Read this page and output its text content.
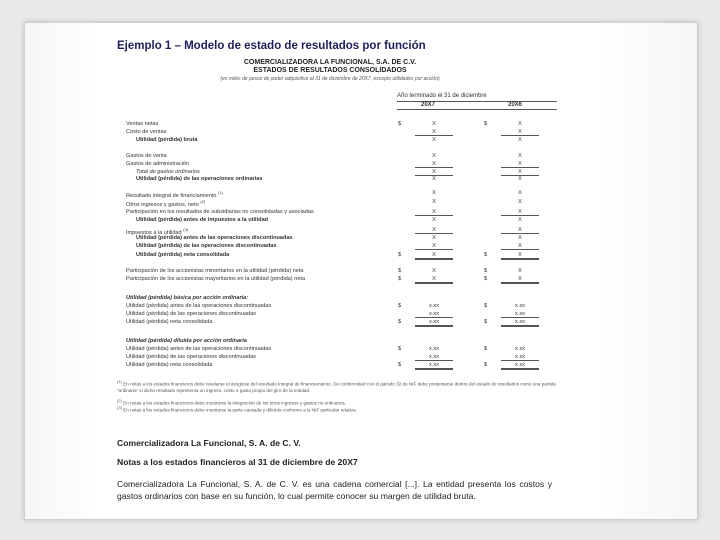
Ejemplo 1 – Modelo de estado de resultados por función
COMERCIALIZADORA LA FUNCIONAL, S.A. DE C.V.
ESTADOS DE RESULTADOS CONSOLIDADOS
(en miles de pesos de poder adquisitivo al 31 de diciembre de 20X7, excepto utilidades por acción)
Año terminado el 31 de diciembre
20X7	20X6
Ventas netas	$	X	$	X
Costo de ventas	X	X
Utilidad (pérdida) bruta	X	X
Gastos de venta	X	X
Gastos de administración	X	X
Total de gastos ordinarios	X	X
Utilidad (pérdida) de las operaciones ordinarias	X	X
Resultado integral de financiamiento $^{(1)}$	X	X
Otros ingresos y gastos, neto $^{(2)}$	X	X
Participación en los resultados de subsidiarias no consolidadas y asociadas	X	X
Utilidad (pérdida) antes de impuestos a la utilidad	X	X
Impuestos a la utilidad $^{(3)}$	X	X
Utilidad (pérdida) antes de las operaciones discontinuadas	X	X
Utilidad (pérdida) de las operaciones discontinuadas	X	X
Utilidad (pérdida) neta consolidada	$	X	$	X
Participación de los accionistas minoritarios en la utilidad (pérdida) neta	$	X	$	X
Participación de los accionistas mayoritarios en la utilidad (pérdida) neta	$	X	$	X
Utilidad (pérdida) básica por acción ordinaria:
Utilidad (pérdida) antes de las operaciones discontinuadas	$	x.xx	$	x.xx
Utilidad (pérdida) de las operaciones discontinuadas	x.xx	x.xx
Utilidad (pérdida) neta consolidada	$	x.xx	$	x.xx
Utilidad (pérdida) diluida por acción ordinaria
Utilidad (pérdida) antes de las operaciones discontinuadas	$	x.xx	$	x.xx
Utilidad (pérdida) de las operaciones discontinuadas	x.xx	x.xx
Utilidad (pérdida) neta consolidada	$	x.xx	$	x.xx
(1) En notas a los estados financieros debe revelarse el desglose del resultado integral de financiamiento. De conformidad con el párrafo 32 de NIF debe presentarse dentro del estado de resultados como una partida "ordinaria" si dicho resultado representa un ingreso, costo o gasto propio del giro de la entidad.
(2) En notas a los estados financieros debe mostrarse la integración de los otros ingresos y gastos no ordinarios.
(3) En notas a los estados financieros debe mostrarse la parte causada y diferida conforme a la NIF particular relativa.
Comercializadora La Funcional, S. A. de C. V.
Notas a los estados financieros al 31 de diciembre de 20X7
Comercializadora La Funcional, S. A. de C. V. es una cadena comercial [...]. La entidad presenta los costos y gastos ordinarios con base en su función, lo cual permite conocer su margen de utilidad bruta.
